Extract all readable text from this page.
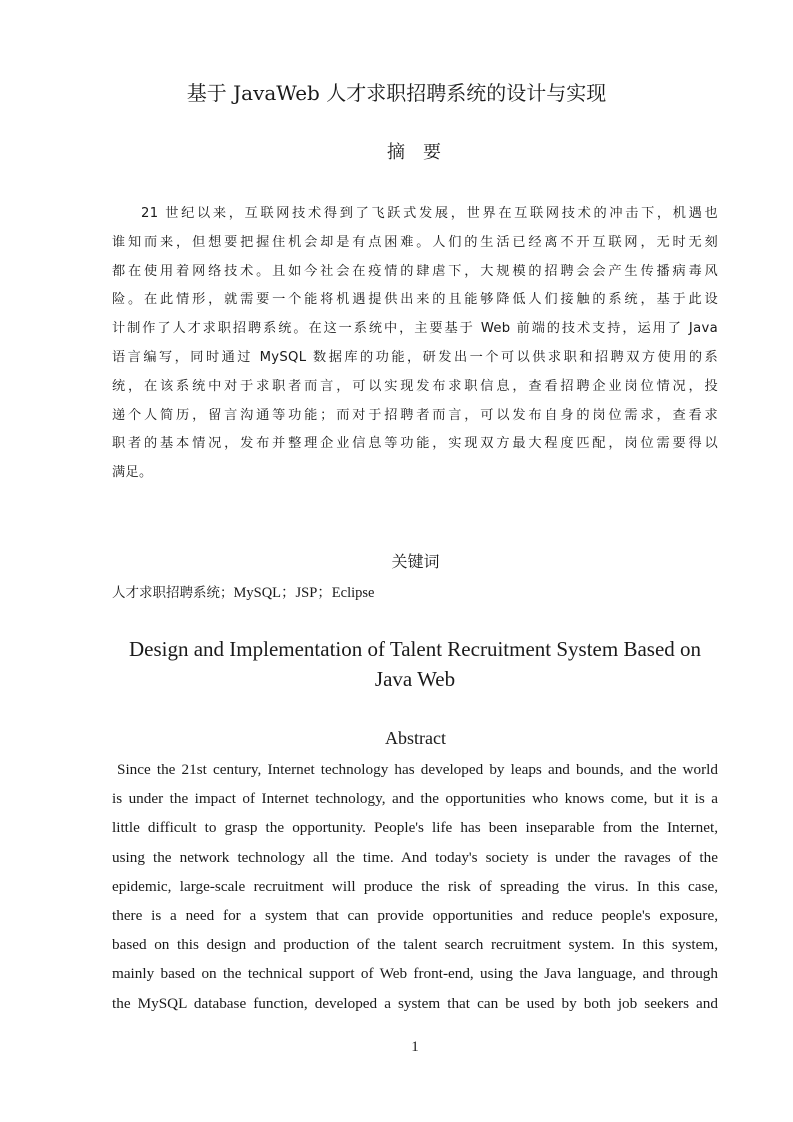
基于 JavaWeb 人才求职招聘系统的设计与实现
摘　要
21 世纪以来，互联网技术得到了飞跃式发展，世界在互联网技术的冲击下，机遇也
谁知而来，但想要把握住机会却是有点困难。人们的生活已经离不开互联网，无时无刻
都在使用着网络技术。且如今社会在疫情的肆虐下，大规模的招聘会会产生传播病毒风
险。在此情形，就需要一个能将机遇提供出来的且能够降低人们接触的系统，基于此设
计制作了人才求职招聘系统。在这一系统中，主要基于 Web 前端的技术支持，运用了 Java
语言编写，同时通过 MySQL 数据库的功能，研发出一个可以供求职和招聘双方使用的系
统，在该系统中对于求职者而言，可以实现发布求职信息，查看招聘企业岗位情况，投
递个人简历，留言沟通等功能；而对于招聘者而言，可以发布自身的岗位需求，查看求
职者的基本情况，发布并整理企业信息等功能，实现双方最大程度匹配，岗位需要得以
满足。
关键词
人才求职招聘系统；MySQL；JSP；Eclipse
Design and Implementation of Talent Recruitment System Based on
Java Web
Abstract
Since the 21st century, Internet technology has developed by leaps and bounds, and the world
is under the impact of Internet technology, and the opportunities who knows come, but it is a
little difficult to grasp the opportunity. People's life has been inseparable from the Internet,
using the network technology all the time. And today's society is under the ravages of the
epidemic, large-scale recruitment will produce the risk of spreading the virus. In this case,
there is a need for a system that can provide opportunities and reduce people's exposure,
based on this design and production of the talent search recruitment system. In this system,
mainly based on the technical support of Web front-end, using the Java language, and through
the MySQL database function, developed a system that can be used by both job seekers and
1
